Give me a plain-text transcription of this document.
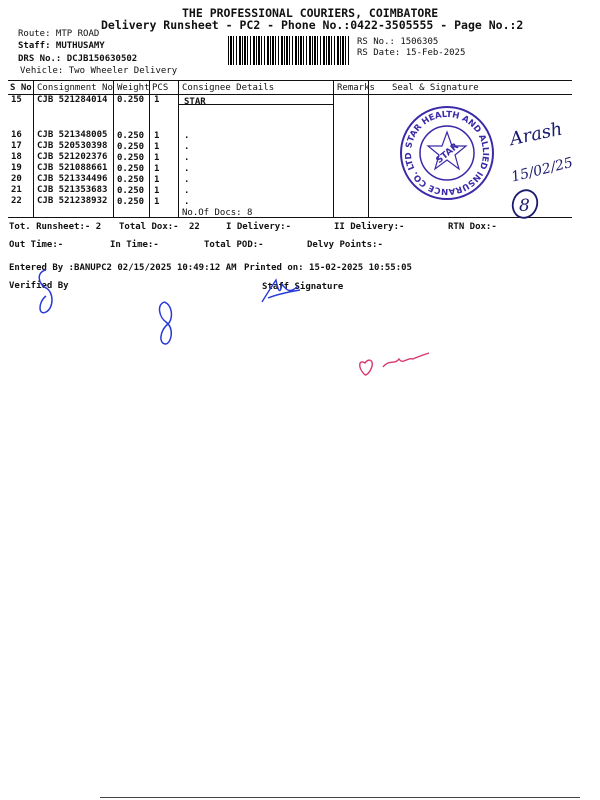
THE PROFESSIONAL COURIERS, COIMBATORE
Delivery Runsheet - PC2 - Phone No.:0422-3505555 - Page No.:2
Route: MTP ROAD
Staff: MUTHUSAMY
DRS No.: DCJB150630502
Vehicle: Two Wheeler Delivery
RS No.: 1506305
RS Date: 15-Feb-2025
S No Consignment No Weight PCS Consignee Details	Remarks Seal & Signature
15 CJB 521284014 0.250 1	STAR
16 CJB 521348005 0.250 1	.
17 CJB 520530398 0.250 1	.
18 CJB 521202376 0.250 1	.
19 CJB 521088661 0.250 1	.
20 CJB 521334496 0.250 1	.
21 CJB 521353683 0.250 1	.
22 CJB 521238932 0.250 1	.
No.Of Docs: 8
Tot. Runsheet:- 2 Total Dox:- 22	I Delivery:-	II Delivery:-	RTN Dox:-
Out Time:-	In Time:-	Total POD:-	Delvy Points:-
Entered By :BANUPC2 02/15/2025 10:49:12 AM Printed on: 15-02-2025 10:55:05
Verified By	Staff Signature
STAR HEALTH AND ALLIED INSURANCE CO. LTD.
STAR
Arash
15/02/25
8
